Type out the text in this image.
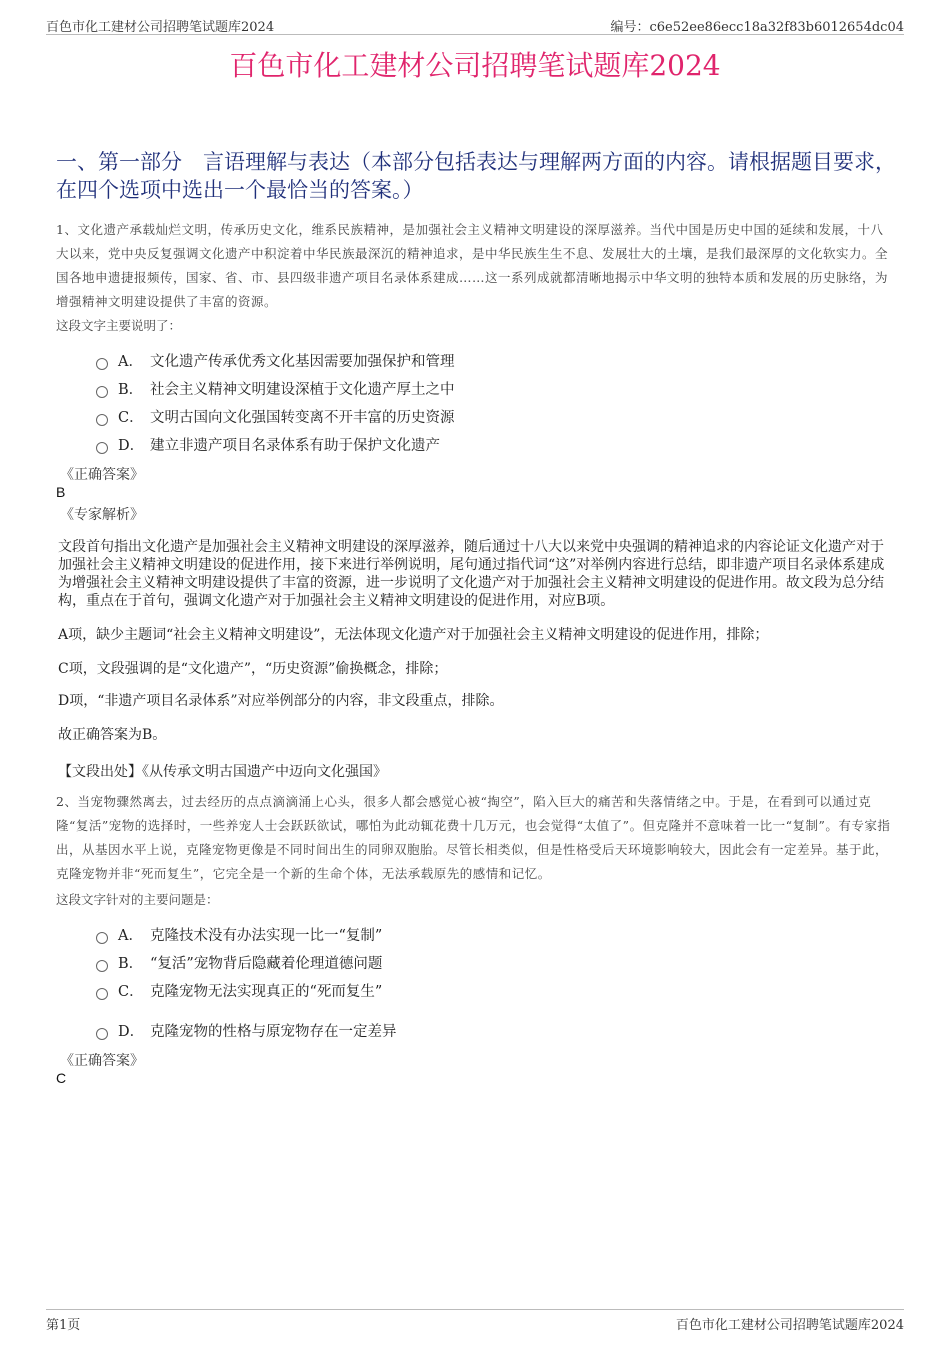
百色市化工建材公司招聘笔试题库2024	编号：c6e52ee86ecc18a32f83b6012654dc04
百色市化工建材公司招聘笔试题库2024
一、第一部分　言语理解与表达（本部分包括表达与理解两方面的内容。请根据题目要求，在四个选项中选出一个最恰当的答案。）
1、文化遗产承载灿烂文明，传承历史文化，维系民族精神，是加强社会主义精神文明建设的深厚滋养。当代中国是历史中国的延续和发展，十八大以来，党中央反复强调文化遗产中积淀着中华民族最深沉的精神追求，是中华民族生生不息、发展壮大的土壤，是我们最深厚的文化软实力。全国各地申遗捷报频传，国家、省、市、县四级非遗产项目名录体系建成……这一系列成就都清晰地揭示中华文明的独特本质和发展的历史脉络，为增强精神文明建设提供了丰富的资源。
这段文字主要说明了：
A． 文化遗产传承优秀文化基因需要加强保护和管理
B． 社会主义精神文明建设深植于文化遗产厚土之中
C． 文明古国向文化强国转变离不开丰富的历史资源
D． 建立非遗产项目名录体系有助于保护文化遗产
《正确答案》
B
《专家解析》
文段首句指出文化遗产是加强社会主义精神文明建设的深厚滋养，随后通过十八大以来党中央强调的精神追求的内容论证文化遗产对于加强社会主义精神文明建设的促进作用，接下来进行举例说明，尾句通过指代词“这”对举例内容进行总结，即非遗产项目名录体系建成为增强社会主义精神文明建设提供了丰富的资源，进一步说明了文化遗产对于加强社会主义精神文明建设的促进作用。故文段为总分结构，重点在于首句，强调文化遗产对于加强社会主义精神文明建设的促进作用，对应B项。
A项，缺少主题词“社会主义精神文明建设”，无法体现文化遗产对于加强社会主义精神文明建设的促进作用，排除；
C项，文段强调的是“文化遗产”，“历史资源”偷换概念，排除；
D项，“非遗产项目名录体系”对应举例部分的内容，非文段重点，排除。
故正确答案为B。
【文段出处】《从传承文明古国遗产中迈向文化强国》
2、当宠物骤然离去，过去经历的点点滴滴涌上心头，很多人都会感觉心被“掏空”，陷入巨大的痛苦和失落情绪之中。于是，在看到可以通过克隆“复活”宠物的选择时，一些养宠人士会跃跃欲试，哪怕为此动辄花费十几万元，也会觉得“太值了”。但克隆并不意味着一比一“复制”。有专家指出，从基因水平上说，克隆宠物更像是不同时间出生的同卵双胞胎。尽管长相类似，但是性格受后天环境影响较大，因此会有一定差异。基于此，克隆宠物并非“死而复生”，它完全是一个新的生命个体，无法承载原先的感情和记忆。
这段文字针对的主要问题是：
A． 克隆技术没有办法实现一比一“复制”
B． “复活”宠物背后隐藏着伦理道德问题
C． 克隆宠物无法实现真正的“死而复生”
D． 克隆宠物的性格与原宠物存在一定差异
《正确答案》
C
第1页	百色市化工建材公司招聘笔试题库2024
